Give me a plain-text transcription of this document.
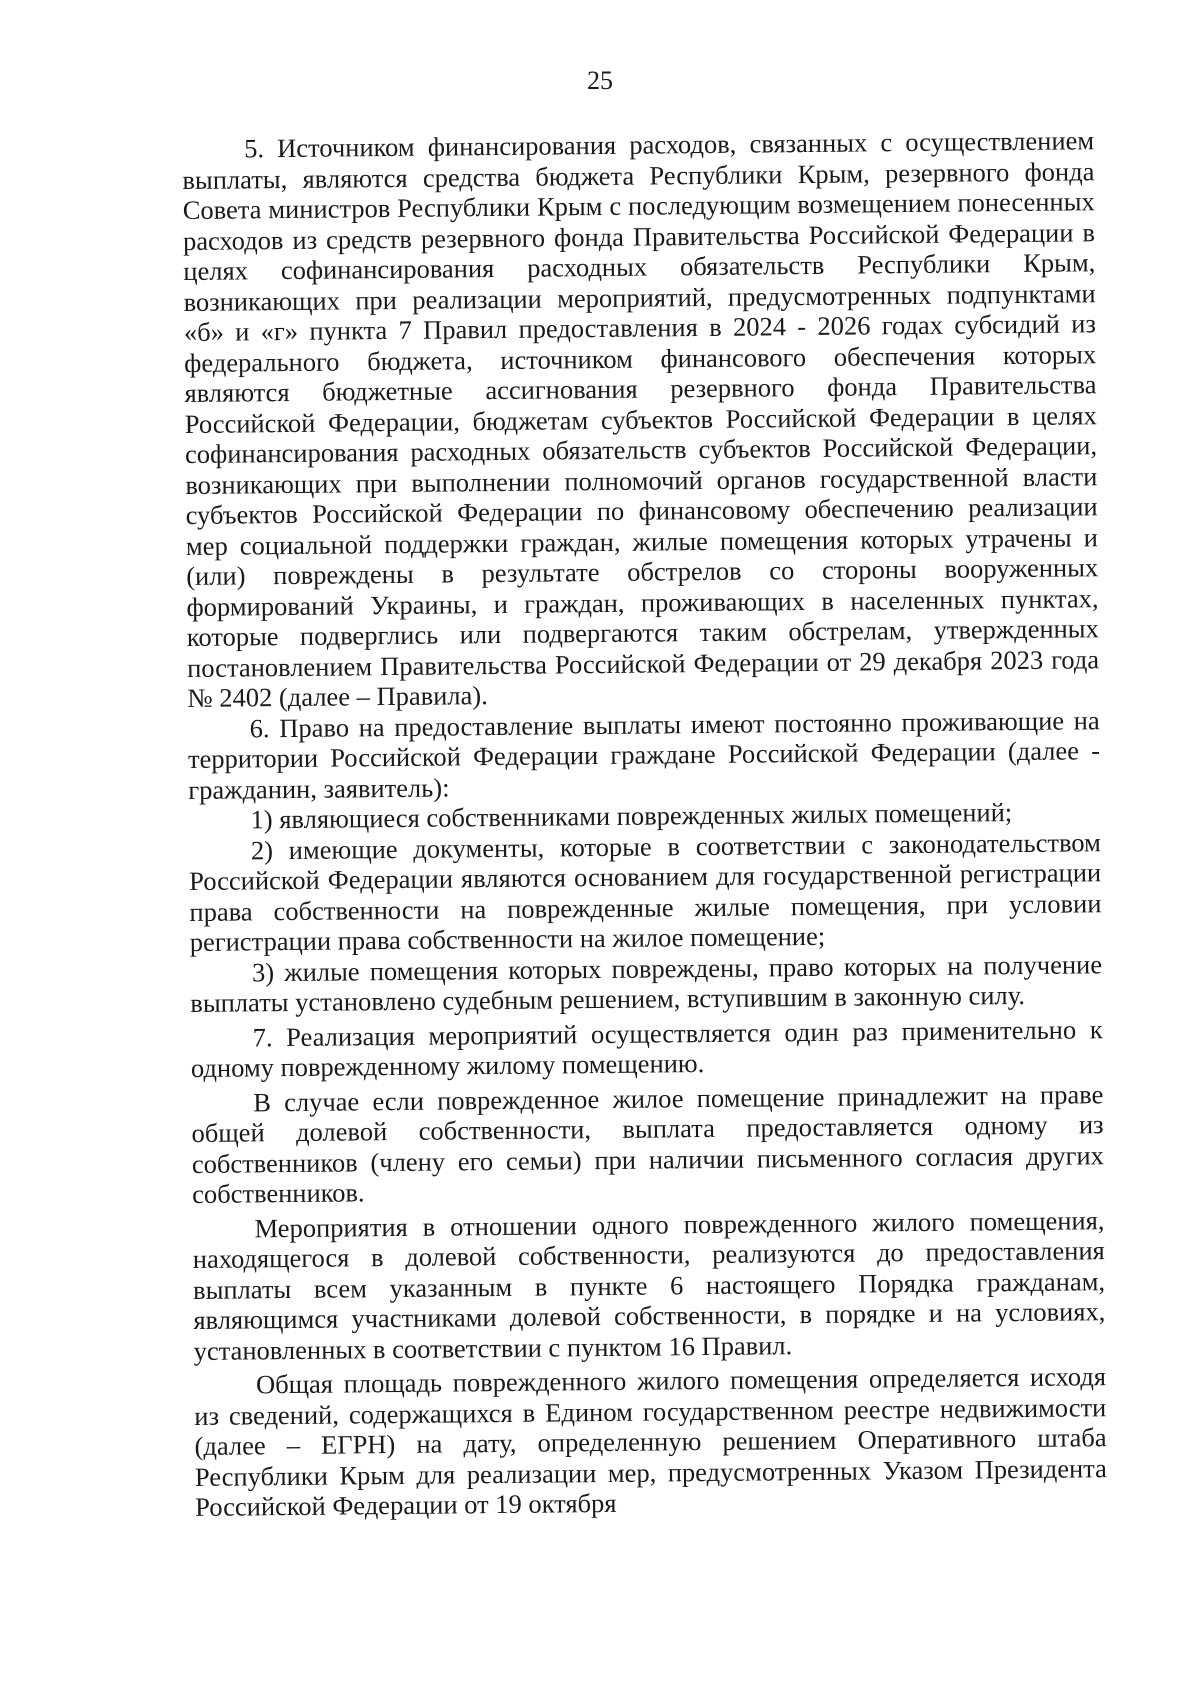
25

5. Источником финансирования расходов, связанных с осуществлением выплаты, являются средства бюджета Республики Крым, резервного фонда Совета министров Республики Крым с последующим возмещением понесенных расходов из средств резервного фонда Правительства Российской Федерации в целях софинансирования расходных обязательств Республики Крым, возникающих при реализации мероприятий, предусмотренных подпунктами «б» и «г» пункта 7 Правил предоставления в 2024 - 2026 годах субсидий из федерального бюджета, источником финансового обеспечения которых являются бюджетные ассигнования резервного фонда Правительства Российской Федерации, бюджетам субъектов Российской Федерации в целях софинансирования расходных обязательств субъектов Российской Федерации, возникающих при выполнении полномочий органов государственной власти субъектов Российской Федерации по финансовому обеспечению реализации мер социальной поддержки граждан, жилые помещения которых утрачены и (или) повреждены в результате обстрелов со стороны вооруженных формирований Украины, и граждан, проживающих в населенных пунктах, которые подверглись или подвергаются таким обстрелам, утвержденных постановлением Правительства Российской Федерации от 29 декабря 2023 года № 2402 (далее – Правила).

6. Право на предоставление выплаты имеют постоянно проживающие на территории Российской Федерации граждане Российской Федерации (далее - гражданин, заявитель):

1) являющиеся собственниками поврежденных жилых помещений;

2) имеющие документы, которые в соответствии с законодательством Российской Федерации являются основанием для государственной регистрации права собственности на поврежденные жилые помещения, при условии регистрации права собственности на жилое помещение;

3) жилые помещения которых повреждены, право которых на получение выплаты установлено судебным решением, вступившим в законную силу.

7. Реализация мероприятий осуществляется один раз применительно к одному поврежденному жилому помещению.

В случае если поврежденное жилое помещение принадлежит на праве общей долевой собственности, выплата предоставляется одному из собственников (члену его семьи) при наличии письменного согласия других собственников.

Мероприятия в отношении одного поврежденного жилого помещения, находящегося в долевой собственности, реализуются до предоставления выплаты всем указанным в пункте 6 настоящего Порядка гражданам, являющимся участниками долевой собственности, в порядке и на условиях, установленных в соответствии с пунктом 16 Правил.

Общая площадь поврежденного жилого помещения определяется исходя из сведений, содержащихся в Едином государственном реестре недвижимости (далее – ЕГРН) на дату, определенную решением Оперативного штаба Республики Крым для реализации мер, предусмотренных Указом Президента Российской Федерации от 19 октября
